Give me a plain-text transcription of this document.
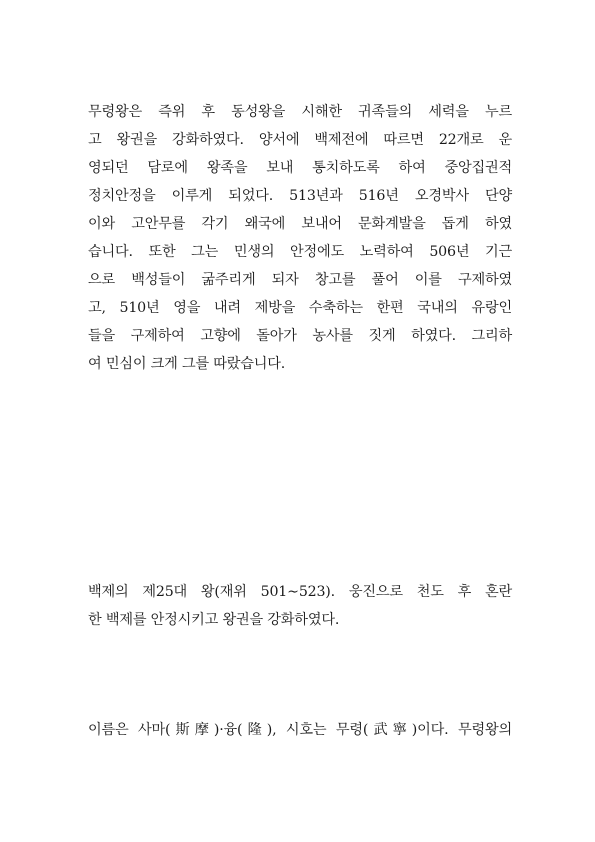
무령왕은 즉위 후 동성왕을 시해한 귀족들의 세력을 누르
고 왕권을 강화하였다. 양서에 백제전에 따르면 22개로 운
영되던 담로에 왕족을 보내 통치하도록 하여 중앙집권적
정치안정을 이루게 되었다. 513년과 516년 오경박사 단양
이와 고안무를 각기 왜국에 보내어 문화계발을 돕게 하였
습니다. 또한 그는 민생의 안정에도 노력하여 506년 기근
으로 백성들이 굶주리게 되자 창고를 풀어 이를 구제하였
고, 510년 영을 내려 제방을 수축하는 한편 국내의 유랑인
들을 구제하여 고향에 돌아가 농사를 짓게 하였다. 그리하
여 민심이 크게 그를 따랐습니다.
백제의 제25대 왕(재위 501∼523). 웅진으로 천도 후 혼란
한 백제를 안정시키고 왕권을 강화하였다.
이름은 사마(斯摩)·융(隆), 시호는 무령(武寧)이다. 무령왕의
